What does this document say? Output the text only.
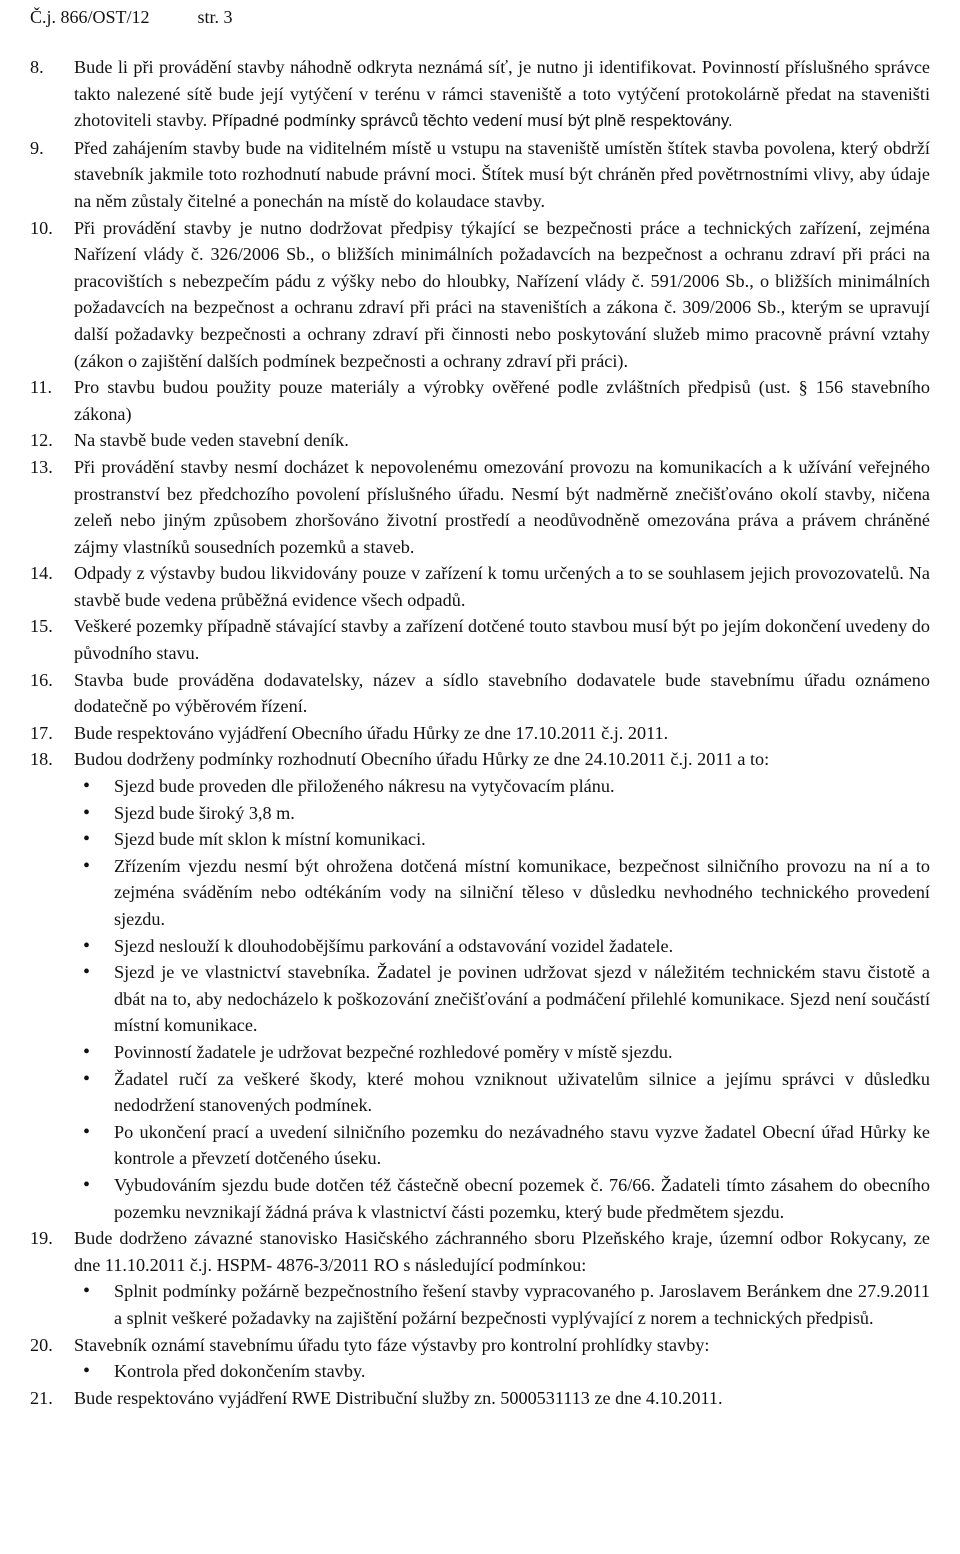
Č.j. 866/OST/12	str. 3
8. Bude li při provádění stavby náhodně odkryta neznámá síť, je nutno ji identifikovat. Povinností příslušného správce takto nalezené sítě bude její vytýčení v terénu v rámci staveniště a toto vytýčení protokolárně předat na staveništi zhotoviteli stavby. Případné podmínky správců těchto vedení musí být plně respektovány.
9. Před zahájením stavby bude na viditelném místě u vstupu na staveniště umístěn štítek stavba povolena, který obdrží stavebník jakmile toto rozhodnutí nabude právní moci. Štítek musí být chráněn před povětrnostními vlivy, aby údaje na něm zůstaly čitelné a ponechán na místě do kolaudace stavby.
10. Při provádění stavby je nutno dodržovat předpisy týkající se bezpečnosti práce a technických zařízení, zejména Nařízení vlády č. 326/2006 Sb., o bližších minimálních požadavcích na bezpečnost a ochranu zdraví při práci na pracovištích s nebezpečím pádu z výšky nebo do hloubky, Nařízení vlády č. 591/2006 Sb., o bližších minimálních požadavcích na bezpečnost a ochranu zdraví při práci na staveništích a zákona č. 309/2006 Sb., kterým se upravují další požadavky bezpečnosti a ochrany zdraví při činnosti nebo poskytování služeb mimo pracovně právní vztahy (zákon o zajištění dalších podmínek bezpečnosti a ochrany zdraví při práci).
11. Pro stavbu budou použity pouze materiály a výrobky ověřené podle zvláštních předpisů (ust. § 156 stavebního zákona)
12. Na stavbě bude veden stavební deník.
13. Při provádění stavby nesmí docházet k nepovolenému omezování provozu na komunikacích a k užívání veřejného prostranství bez předchozího povolení příslušného úřadu. Nesmí být nadměrně znečišťováno okolí stavby, ničena zeleň nebo jiným způsobem zhoršováno životní prostředí a neodůvodněně omezována práva a právem chráněné zájmy vlastníků sousedních pozemků a staveb.
14. Odpady z výstavby budou likvidovány pouze v zařízení k tomu určených a to se souhlasem jejich provozovatelů. Na stavbě bude vedena průběžná evidence všech odpadů.
15. Veškeré pozemky případně stávající stavby a zařízení dotčené touto stavbou musí být po jejím dokončení uvedeny do původního stavu.
16. Stavba bude prováděna dodavatelsky, název a sídlo stavebního dodavatele bude stavebnímu úřadu oznámeno dodatečně po výběrovém řízení.
17. Bude respektováno vyjádření Obecního úřadu Hůrky ze dne 17.10.2011 č.j. 2011.
18. Budou dodrženy podmínky rozhodnutí Obecního úřadu Hůrky ze dne 24.10.2011 č.j. 2011 a to:
• Sjezd bude proveden dle přiloženého nákresu na vytyčovacím plánu.
• Sjezd bude široký 3,8 m.
• Sjezd bude mít sklon k místní komunikaci.
• Zřízením vjezdu nesmí být ohrožena dotčená místní komunikace, bezpečnost silničního provozu na ní a to zejména sváděním nebo odtékáním vody na silniční těleso v důsledku nevhodného technického provedení sjezdu.
• Sjezd neslouží k dlouhodobějšímu parkování a odstavování vozidel žadatele.
• Sjezd je ve vlastnictví stavebníka. Žadatel je povinen udržovat sjezd v náležitém technickém stavu čistotě a dbát na to, aby nedocházelo k poškozování znečišťování a podmáčení přilehlé komunikace. Sjezd není součástí místní komunikace.
• Povinností žadatele je udržovat bezpečné rozhledové poměry v místě sjezdu.
• Žadatel ručí za veškeré škody, které mohou vzniknout uživatelům silnice a jejímu správci v důsledku nedodržení stanovených podmínek.
• Po ukončení prací a uvedení silničního pozemku do nezávadného stavu vyzve žadatel Obecní úřad Hůrky ke kontrole a převzetí dotčeného úseku.
• Vybudováním sjezdu bude dotčen též částečně obecní pozemek č. 76/66. Žadateli tímto zásahem do obecního pozemku nevznikají žádná práva k vlastnictví části pozemku, který bude předmětem sjezdu.
19. Bude dodrženo závazné stanovisko Hasičského záchranného sboru Plzeňského kraje, územní odbor Rokycany, ze dne 11.10.2011 č.j. HSPM- 4876-3/2011 RO s následující podmínkou:
• Splnit podmínky požárně bezpečnostního řešení stavby vypracovaného p. Jaroslavem Beránkem dne 27.9.2011 a splnit veškeré požadavky na zajištění požární bezpečnosti vyplývající z norem a technických předpisů.
20. Stavebník oznámí stavebnímu úřadu tyto fáze výstavby pro kontrolní prohlídky stavby:
• Kontrola před dokončením stavby.
21. Bude respektováno vyjádření RWE Distribuční služby zn. 5000531113 ze dne 4.10.2011.
